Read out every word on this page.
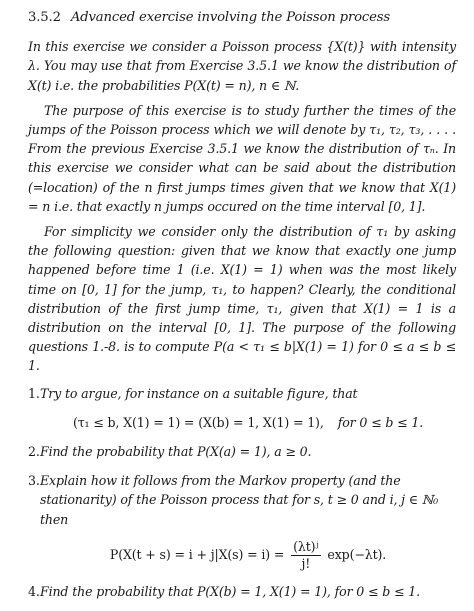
3.5.2 Advanced exercise involving the Poisson process

In this exercise we consider a Poisson process {X(t)} with intensity λ. You may use that from Exercise 3.5.1 we know the distribution of X(t) i.e. the probabilities P(X(t) = n), n ∈ ℕ.

The purpose of this exercise is to study further the times of the jumps of the Poisson process which we will denote by τ₁, τ₂, τ₃, . . . . From the previous Exercise 3.5.1 we know the distribution of τₙ. In this exercise we consider what can be said about the distribution (=location) of the n first jumps times given that we know that X(1) = n i.e. that exactly n jumps occured on the time interval [0, 1].

For simplicity we consider only the distribution of τ₁ by asking the following question: given that we know that exactly one jump happened before time 1 (i.e. X(1) = 1) when was the most likely time on [0, 1] for the jump, τ₁, to happen? Clearly, the conditional distribution of the first jump time, τ₁, given that X(1) = 1 is a distribution on the interval [0, 1]. The purpose of the following questions 1.-8. is to compute P(a < τ₁ ≤ b|X(1) = 1) for 0 ≤ a ≤ b ≤ 1.

1. Try to argue, for instance on a suitable figure, that
(τ₁ ≤ b, X(1) = 1) = (X(b) = 1, X(1) = 1), for 0 ≤ b ≤ 1.
2. Find the probability that P(X(a) = 1), a ≥ 0.
3. Explain how it follows from the Markov property (and the stationarity) of the Poisson process that for s, t ≥ 0 and i, j ∈ ℕ₀ then
$P(X(t + s) = i + j|X(s) = i) = \frac{\text{(λt)ʲ}}{j!} \exp(-\lambda t)$.
4. Find the probability that P(X(b) = 1, X(1) = 1), for 0 ≤ b ≤ 1.
